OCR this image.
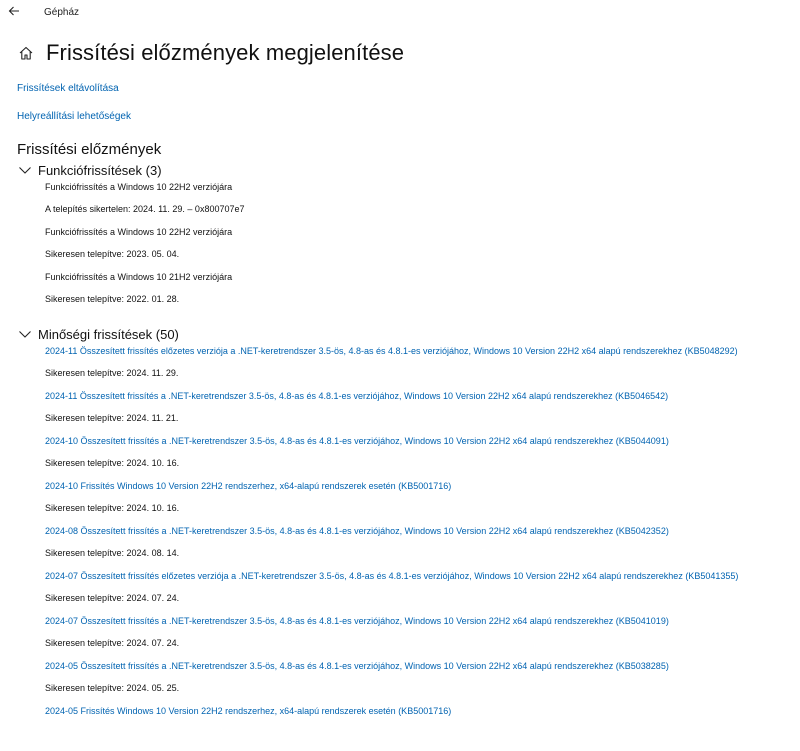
Gépház
Frissítési előzmények megjelenítése
Frissítések eltávolítása
Helyreállítási lehetőségek
Frissítési előzmények
Funkciófrissítések (3)
Funkciófrissítés a Windows 10 22H2 verziójára
A telepítés sikertelen: 2024. 11. 29. – 0x800707e7
Funkciófrissítés a Windows 10 22H2 verziójára
Sikeresen telepítve: 2023. 05. 04.
Funkciófrissítés a Windows 10 21H2 verziójára
Sikeresen telepítve: 2022. 01. 28.
Minőségi frissítések (50)
2024-11 Összesített frissítés előzetes verziója a .NET-keretrendszer 3.5-ös, 4.8-as és 4.8.1-es verziójához, Windows 10 Version 22H2 x64 alapú rendszerekhez (KB5048292)
Sikeresen telepítve: 2024. 11. 29.
2024-11 Összesített frissítés a .NET-keretrendszer 3.5-ös, 4.8-as és 4.8.1-es verziójához, Windows 10 Version 22H2 x64 alapú rendszerekhez (KB5046542)
Sikeresen telepítve: 2024. 11. 21.
2024-10 Összesített frissítés a .NET-keretrendszer 3.5-ös, 4.8-as és 4.8.1-es verziójához, Windows 10 Version 22H2 x64 alapú rendszerekhez (KB5044091)
Sikeresen telepítve: 2024. 10. 16.
2024-10 Frissítés Windows 10 Version 22H2 rendszerhez, x64-alapú rendszerek esetén (KB5001716)
Sikeresen telepítve: 2024. 10. 16.
2024-08 Összesített frissítés a .NET-keretrendszer 3.5-ös, 4.8-as és 4.8.1-es verziójához, Windows 10 Version 22H2 x64 alapú rendszerekhez (KB5042352)
Sikeresen telepítve: 2024. 08. 14.
2024-07 Összesített frissítés előzetes verziója a .NET-keretrendszer 3.5-ös, 4.8-as és 4.8.1-es verziójához, Windows 10 Version 22H2 x64 alapú rendszerekhez (KB5041355)
Sikeresen telepítve: 2024. 07. 24.
2024-07 Összesített frissítés a .NET-keretrendszer 3.5-ös, 4.8-as és 4.8.1-es verziójához, Windows 10 Version 22H2 x64 alapú rendszerekhez (KB5041019)
Sikeresen telepítve: 2024. 07. 24.
2024-05 Összesített frissítés a .NET-keretrendszer 3.5-ös, 4.8-as és 4.8.1-es verziójához, Windows 10 Version 22H2 x64 alapú rendszerekhez (KB5038285)
Sikeresen telepítve: 2024. 05. 25.
2024-05 Frissítés Windows 10 Version 22H2 rendszerhez, x64-alapú rendszerek esetén (KB5001716)
